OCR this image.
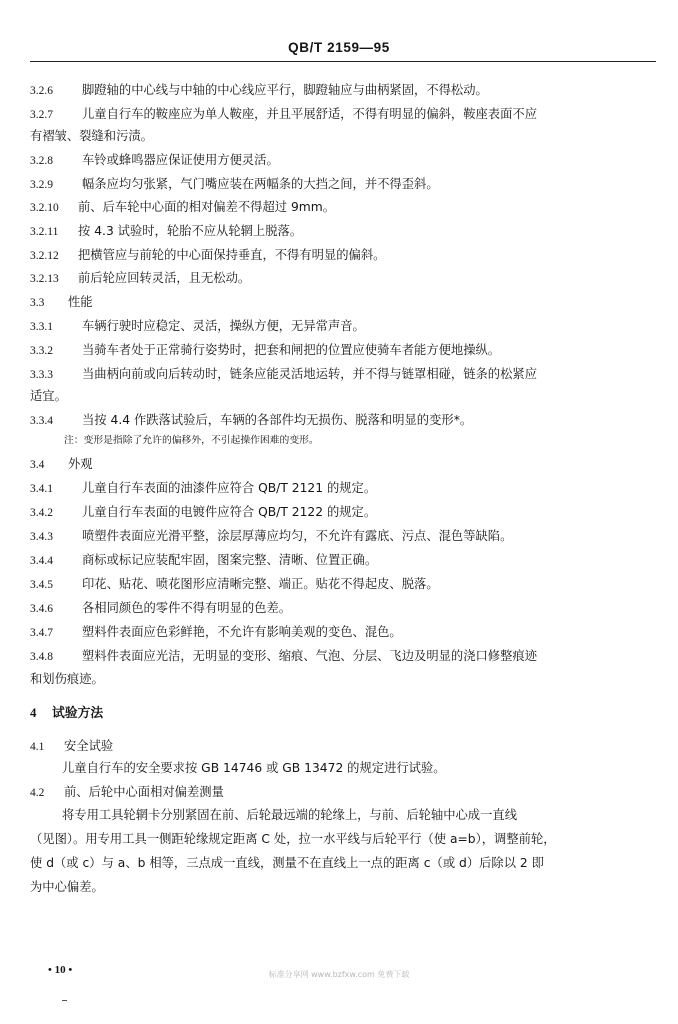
QB/T 2159—95
3.2.6 脚蹬轴的中心线与中轴的中心线应平行，脚蹬轴应与曲柄紧固，不得松动。
3.2.7 儿童自行车的鞍座应为单人鞍座，并且平展舒适，不得有明显的偏斜，鞍座表面不应
有褶皱、裂缝和污渍。
3.2.8 车铃或蜂鸣器应保证使用方便灵活。
3.2.9 幅条应均匀张紧，气门嘴应装在两幅条的大挡之间，并不得歪斜。
3.2.10 前、后车轮中心面的相对偏差不得超过 9mm。
3.2.11 按 4.3 试验时，轮胎不应从轮辋上脱落。
3.2.12 把横管应与前轮的中心面保持垂直，不得有明显的偏斜。
3.2.13 前后轮应回转灵活，且无松动。
3.3 性能
3.3.1 车辆行驶时应稳定、灵活，操纵方便，无异常声音。
3.3.2 当骑车者处于正常骑行姿势时，把套和闸把的位置应使骑车者能方便地操纵。
3.3.3 当曲柄向前或向后转动时，链条应能灵活地运转，并不得与链罩相碰，链条的松紧应
适宜。
3.3.4 当按 4.4 作跌落试验后，车辆的各部件均无损伤、脱落和明显的变形*。
注：变形是指除了允许的偏移外，不引起操作困难的变形。
3.4 外观
3.4.1 儿童自行车表面的油漆件应符合 QB/T 2121 的规定。
3.4.2 儿童自行车表面的电镀件应符合 QB/T 2122 的规定。
3.4.3 喷塑件表面应光滑平整，涂层厚薄应均匀，不允许有露底、污点、混色等缺陷。
3.4.4 商标或标记应装配牢固，图案完整、清晰、位置正确。
3.4.5 印花、贴花、喷花图形应清晰完整、端正。贴花不得起皮、脱落。
3.4.6 各相同颜色的零件不得有明显的色差。
3.4.7 塑料件表面应色彩鲜艳，不允许有影响美观的变色、混色。
3.4.8 塑料件表面应光洁，无明显的变形、缩痕、气泡、分层、飞边及明显的浇口修整痕迹
和划伤痕迹。
4 试验方法
4.1 安全试验
儿童自行车的安全要求按 GB 14746 或 GB 13472 的规定进行试验。
4.2 前、后轮中心面相对偏差测量
将专用工具轮辋卡分别紧固在前、后轮最远端的轮缘上，与前、后轮轴中心成一直线
（见图）。用专用工具一侧距轮缘规定距离 C 处，拉一水平线与后轮平行（使 a=b），调整前轮，
使 d（或 c）与 a、b 相等，三点成一直线，测量不在直线上一点的距离 c（或 d）后除以 2 即
为中心偏差。
• 10 •	标准分享网 www.bzfxw.com 免费下载
